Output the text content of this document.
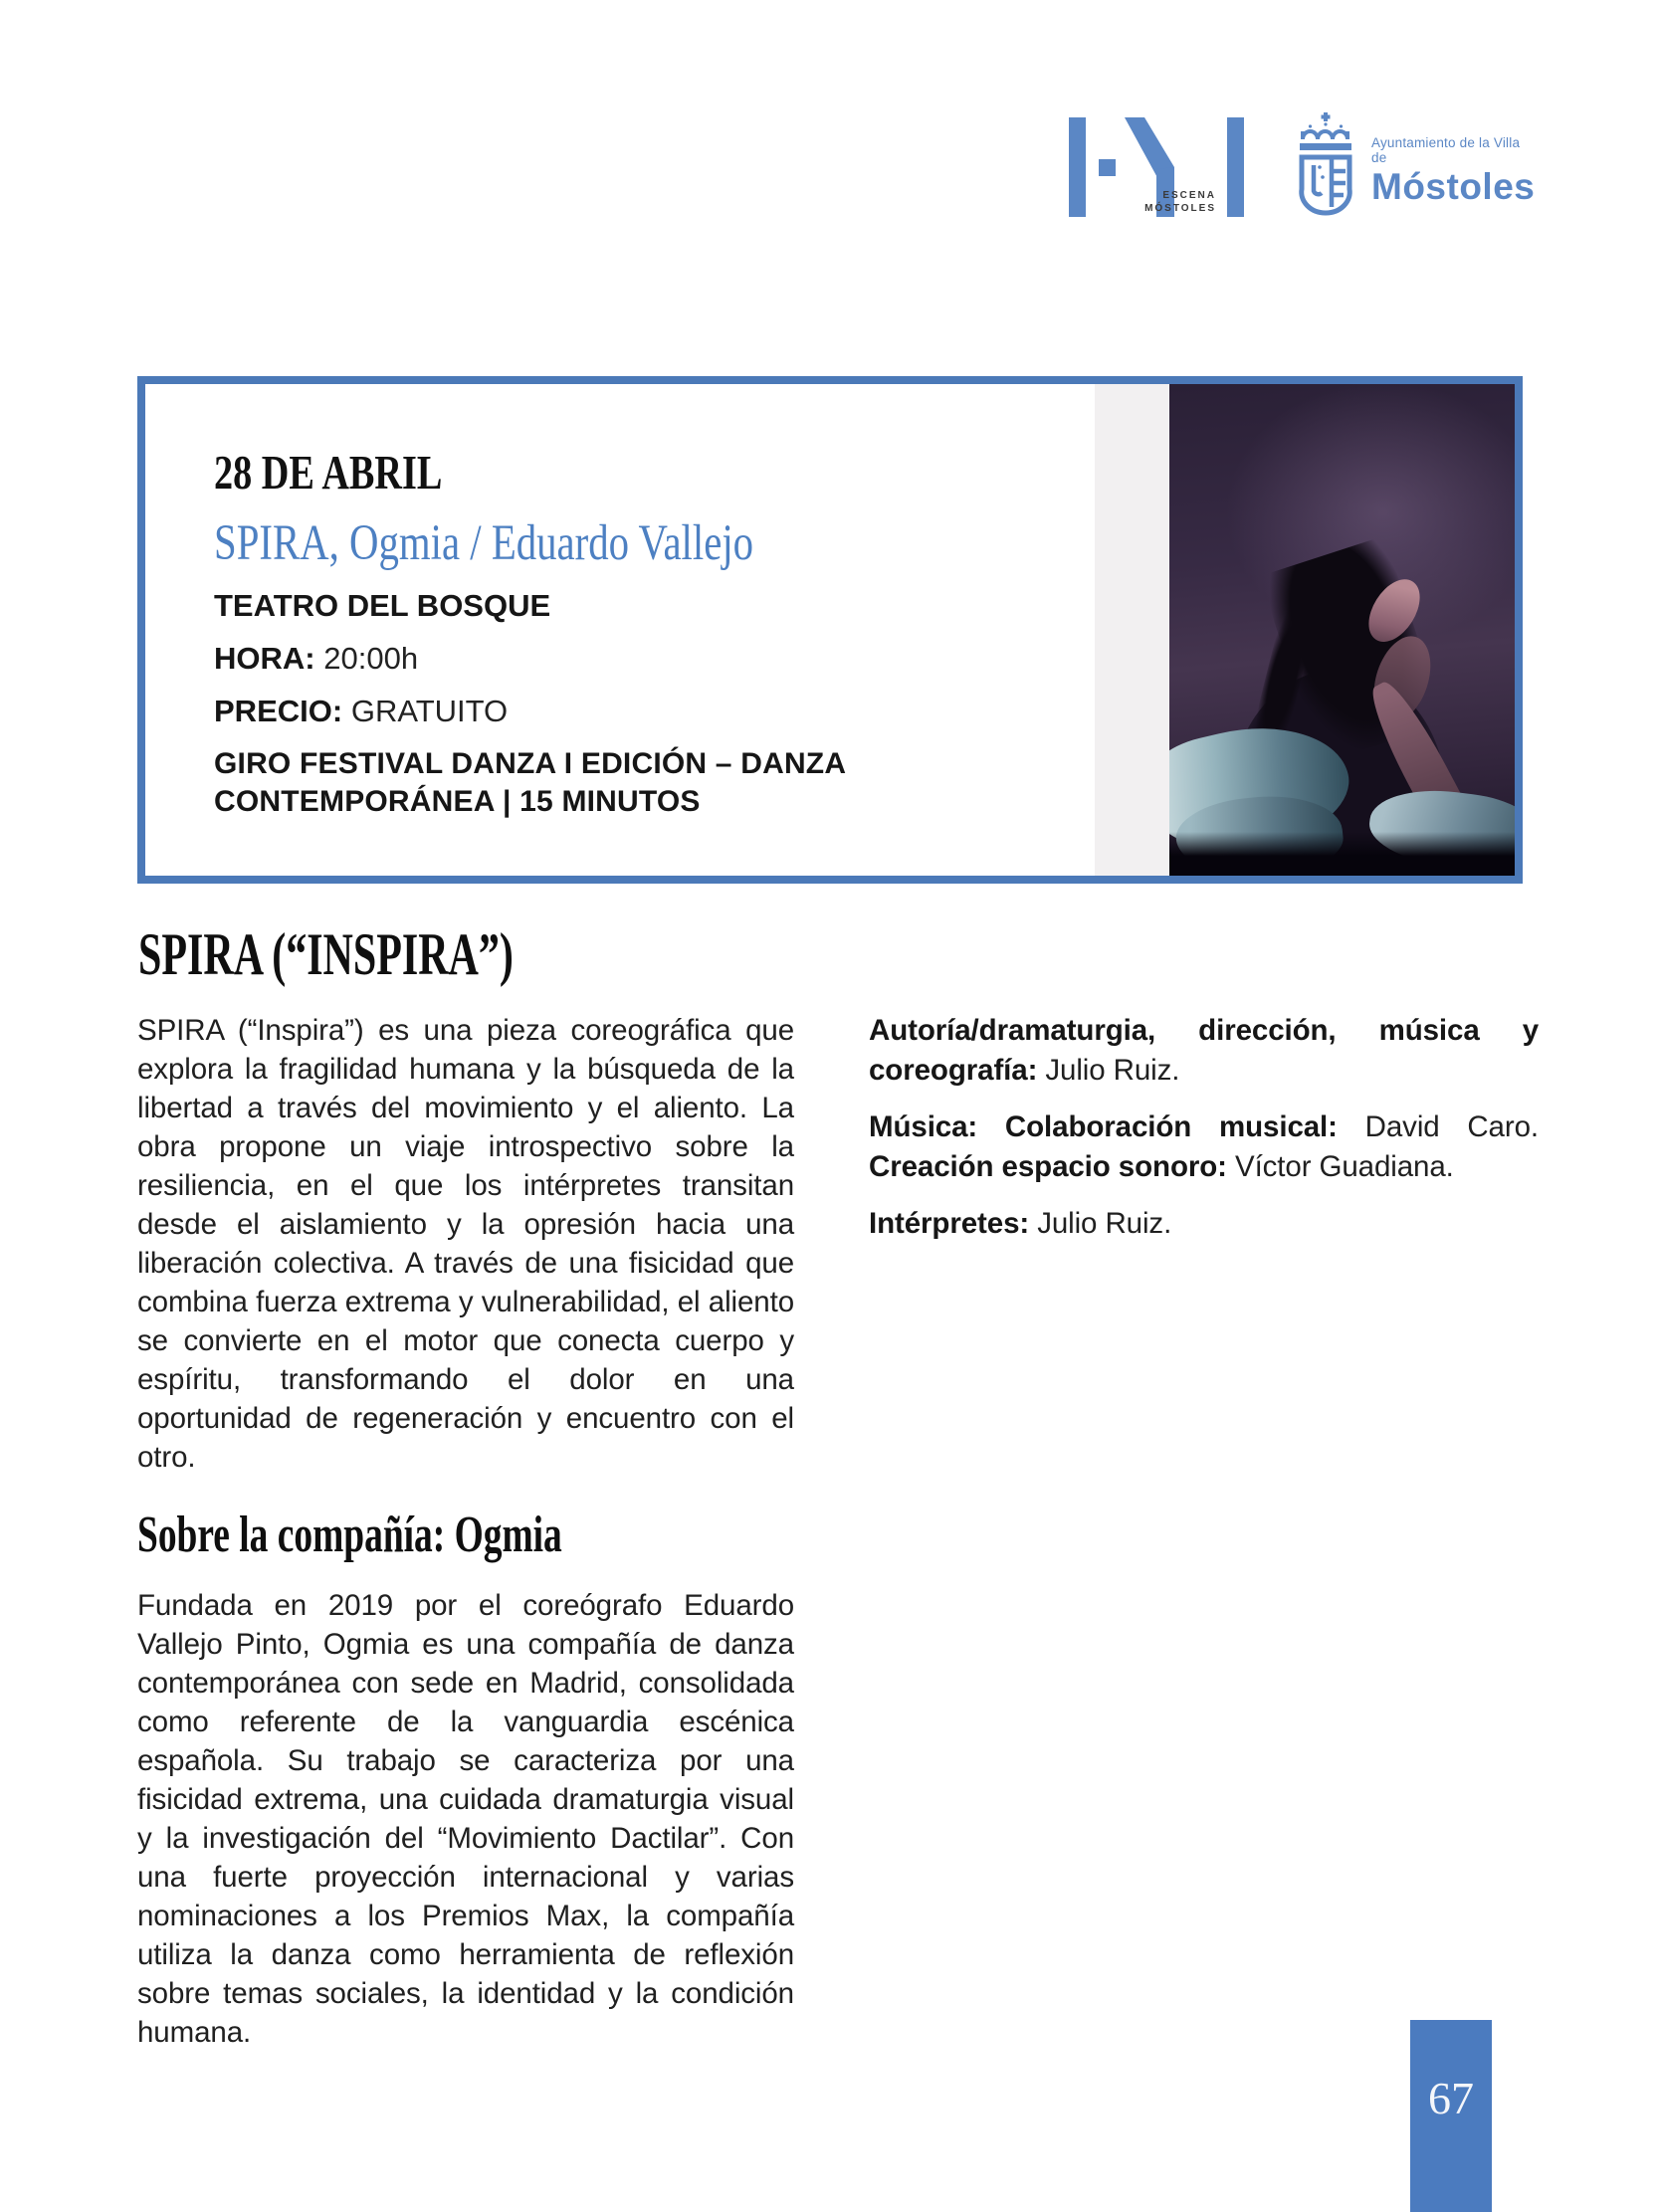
ESCENA
MÓSTOLES
Ayuntamiento de la Villa de
Móstoles
28 DE ABRIL
SPIRA, Ogmia / Eduardo Vallejo
TEATRO DEL BOSQUE
HORA: 20:00h
PRECIO: GRATUITO
GIRO FESTIVAL DANZA I EDICIÓN – DANZA CONTEMPORÁNEA | 15 MINUTOS
SPIRA (“INSPIRA”)

SPIRA (“Inspira”) es una pieza coreográfica que explora la fragilidad humana y la búsqueda de la libertad a través del movimiento y el aliento. La obra propone un viaje introspectivo sobre la resiliencia, en el que los intérpretes transitan desde el aislamiento y la opresión hacia una liberación colectiva. A través de una fisicidad que combina fuerza extrema y vulnerabilidad, el aliento se convierte en el motor que conecta cuerpo y espíritu, transformando el dolor en una oportunidad de regeneración y encuentro con el otro.

Sobre la compañía: Ogmia

Fundada en 2019 por el coreógrafo Eduardo Vallejo Pinto, Ogmia es una compañía de danza contemporánea con sede en Madrid, consolidada como referente de la vanguardia escénica española. Su trabajo se caracteriza por una fisicidad extrema, una cuidada dramaturgia visual y la investigación del “Movimiento Dactilar”. Con una fuerte proyección internacional y varias nominaciones a los Premios Max, la compañía utiliza la danza como herramienta de reflexión sobre temas sociales, la identidad y la condición humana.

Autoría/dramaturgia, dirección, música y coreografía: Julio Ruiz.

Música: Colaboración musical: David Caro. Creación espacio sonoro: Víctor Guadiana.

Intérpretes: Julio Ruiz.

67
